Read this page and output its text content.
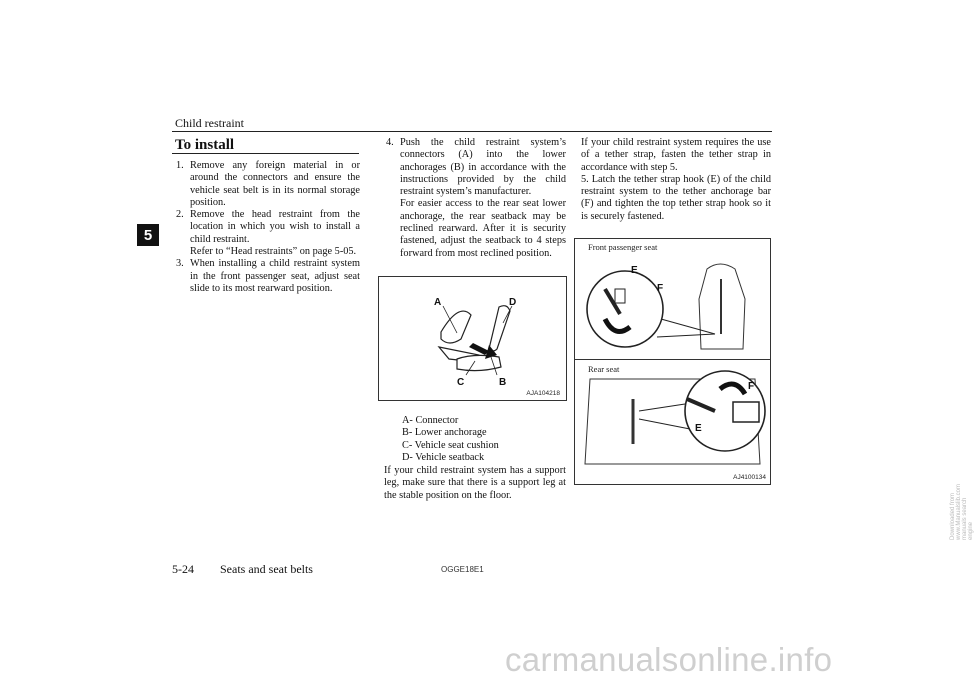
Child restraint
5
To install
1. Remove any foreign material in or around the connectors and ensure the vehicle seat belt is in its normal storage position.
2. Remove the head restraint from the location in which you wish to install a child restraint.
Refer to “Head restraints” on page 5-05.
3. When installing a child restraint system in the front passenger seat, adjust seat slide to its most rearward position.
4. Push the child restraint system’s connectors (A) into the lower anchorages (B) in accordance with the instructions provided by the child restraint system’s manufacturer.
For easier access to the rear seat lower anchorage, the rear seatback may be reclined rearward. After it is security fastened, adjust the seatback to 4 steps forward from most reclined position.
A	D
C	B
AJA104218
A- Connector
B- Lower anchorage
C- Vehicle seat cushion
D- Vehicle seatback
If your child restraint system has a support leg, make sure that there is a support leg at the stable position on the floor.

If your child restraint system requires the use of a tether strap, fasten the tether strap in accordance with step 5.

5. Latch the tether strap hook (E) of the child restraint system to the tether anchorage bar (F) and tighten the top tether strap hook so it is securely fastened.

Front passenger seat
Rear seat
E
F
F
E
AJ4100134
5-24 Seats and seat belts	OGGE18E1
carmanualsonline.info
Downloaded from www.Manualslib.com manuals search engine
